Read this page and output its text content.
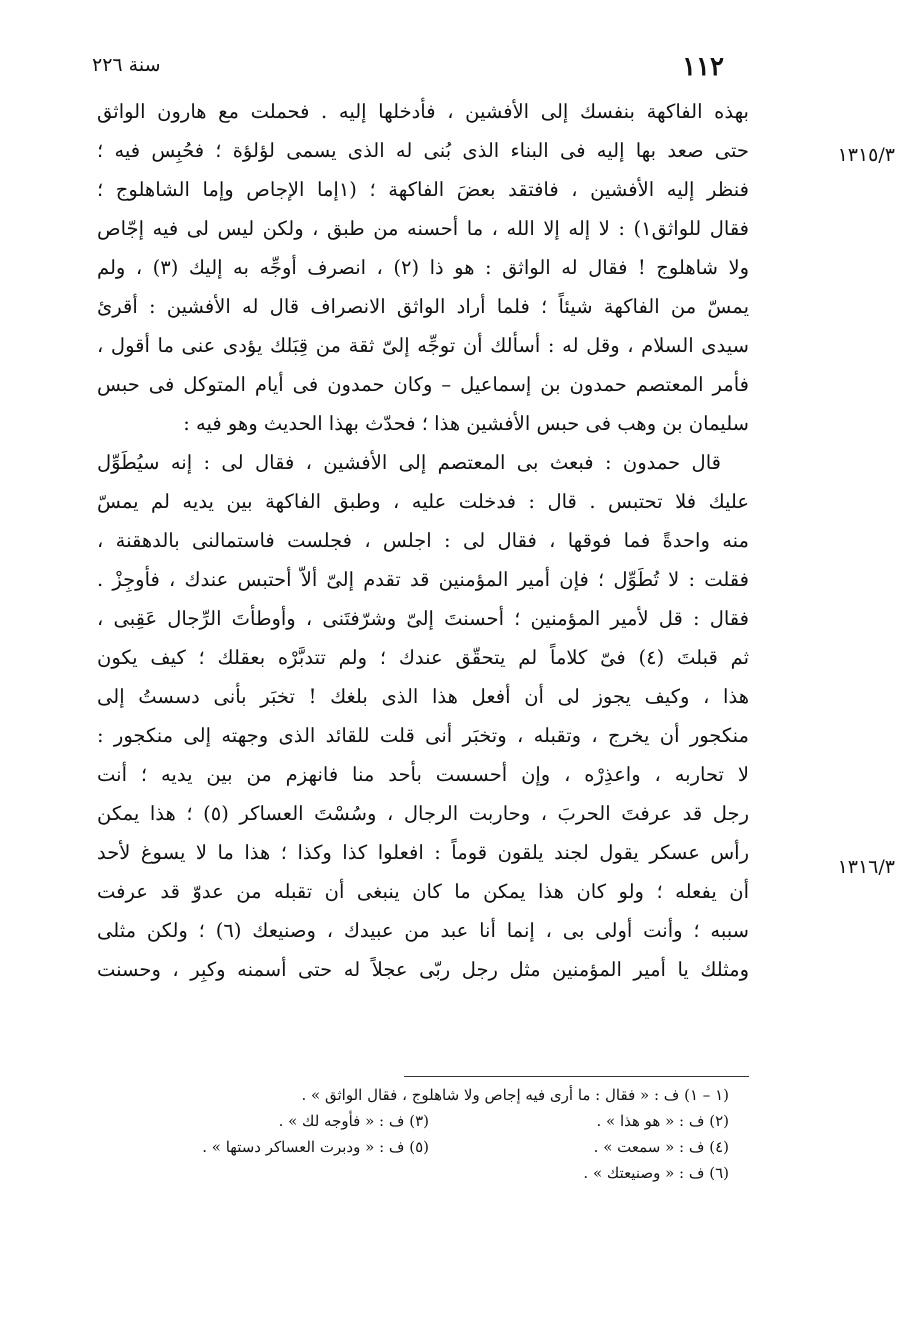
١١٢
سنة ٢٢٦
١٣١٥/٣
١٣١٦/٣
بهذه الفاكهة بنفسك إلى الأفشين ، فأدخلها إليه . فحملت مع هارون الواثق
حتى صعد بها إليه فى البناء الذى بُنى له الذى يسمى لؤلؤة ؛ فحُبِس فيه ؛
فنظر إليه الأفشين ، فافتقد بعضَ الفاكهة ؛ (١إما الإجاص وإما الشاهلوج ؛
فقال للواثق١) : لا إله إلا الله ، ما أحسنه من طبق ، ولكن ليس لى فيه إجّاص
ولا شاهلوج ! فقال له الواثق : هو ذا (٢) ، انصرف أوجِّه به إليك (٣) ، ولم
يمسّ من الفاكهة شيئاً ؛ فلما أراد الواثق الانصراف قال له الأفشين : أقرئ
سيدى السلام ، وقل له : أسألك أن توجِّه إلىّ ثقة من قِبَلك يؤدى عنى ما أقول ،
فأمر المعتصم حمدون بن إسماعيل – وكان حمدون فى أيام المتوكل فى حبس
سليمان بن وهب فى حبس الأفشين هذا ؛ فحدّث بهذا الحديث وهو فيه :
قال حمدون : فبعث بى المعتصم إلى الأفشين ، فقال لى : إنه سيُطَوِّل
عليك فلا تحتبس . قال : فدخلت عليه ، وطبق الفاكهة بين يديه لم يمسّ
منه واحدةً فما فوقها ، فقال لى : اجلس ، فجلست فاستمالنى بالدهقنة ،
فقلت : لا تُطَوِّل ؛ فإن أمير المؤمنين قد تقدم إلىّ ألاّ أحتبس عندك ، فأوجِزْ .
فقال : قل لأمير المؤمنين ؛ أحسنتَ إلىّ وشرّفتَنى ، وأوطأتَ الرِّجال عَقِبى ،
ثم قبلتَ (٤) فىّ كلاماً لم يتحقّق عندك ؛ ولم تتدبَّرْه بعقلك ؛ كيف يكون
هذا ، وكيف يجوز لى أن أفعل هذا الذى بلغك ! تخبَر بأنى دسستُ إلى
منكجور أن يخرج ، وتقبله ، وتخبَر أنى قلت للقائد الذى وجهته إلى منكجور :
لا تحاربه ، واعذِرْه ، وإن أحسست بأحد منا فانهزم من بين يديه ؛ أنت
رجل قد عرفتَ الحربَ ، وحاربت الرجال ، وسُسْتَ العساكر (٥) ؛ هذا يمكن
رأس عسكر يقول لجند يلقون قوماً : افعلوا كذا وكذا ؛ هذا ما لا يسوغ لأحد
أن يفعله ؛ ولو كان هذا يمكن ما كان ينبغى أن تقبله من عدوّ قد عرفت
سببه ؛ وأنت أولى بى ، إنما أنا عبد من عبيدك ، وصنيعك (٦) ؛ ولكن مثلى
ومثلك يا أمير المؤمنين مثل رجل ربّى عجلاً له حتى أسمنه وكبِر ، وحسنت
(١ – ١) ف : « فقال : ما أرى فيه إجاص ولا شاهلوج ، فقال الواثق » .
(٢) ف : « هو هذا » .
(٣) ف : « فأوجه لك » .
(٤) ف : « سمعت » .
(٥) ف : « ودبرت العساكر دستها » .
(٦) ف : « وصنيعتك » .
